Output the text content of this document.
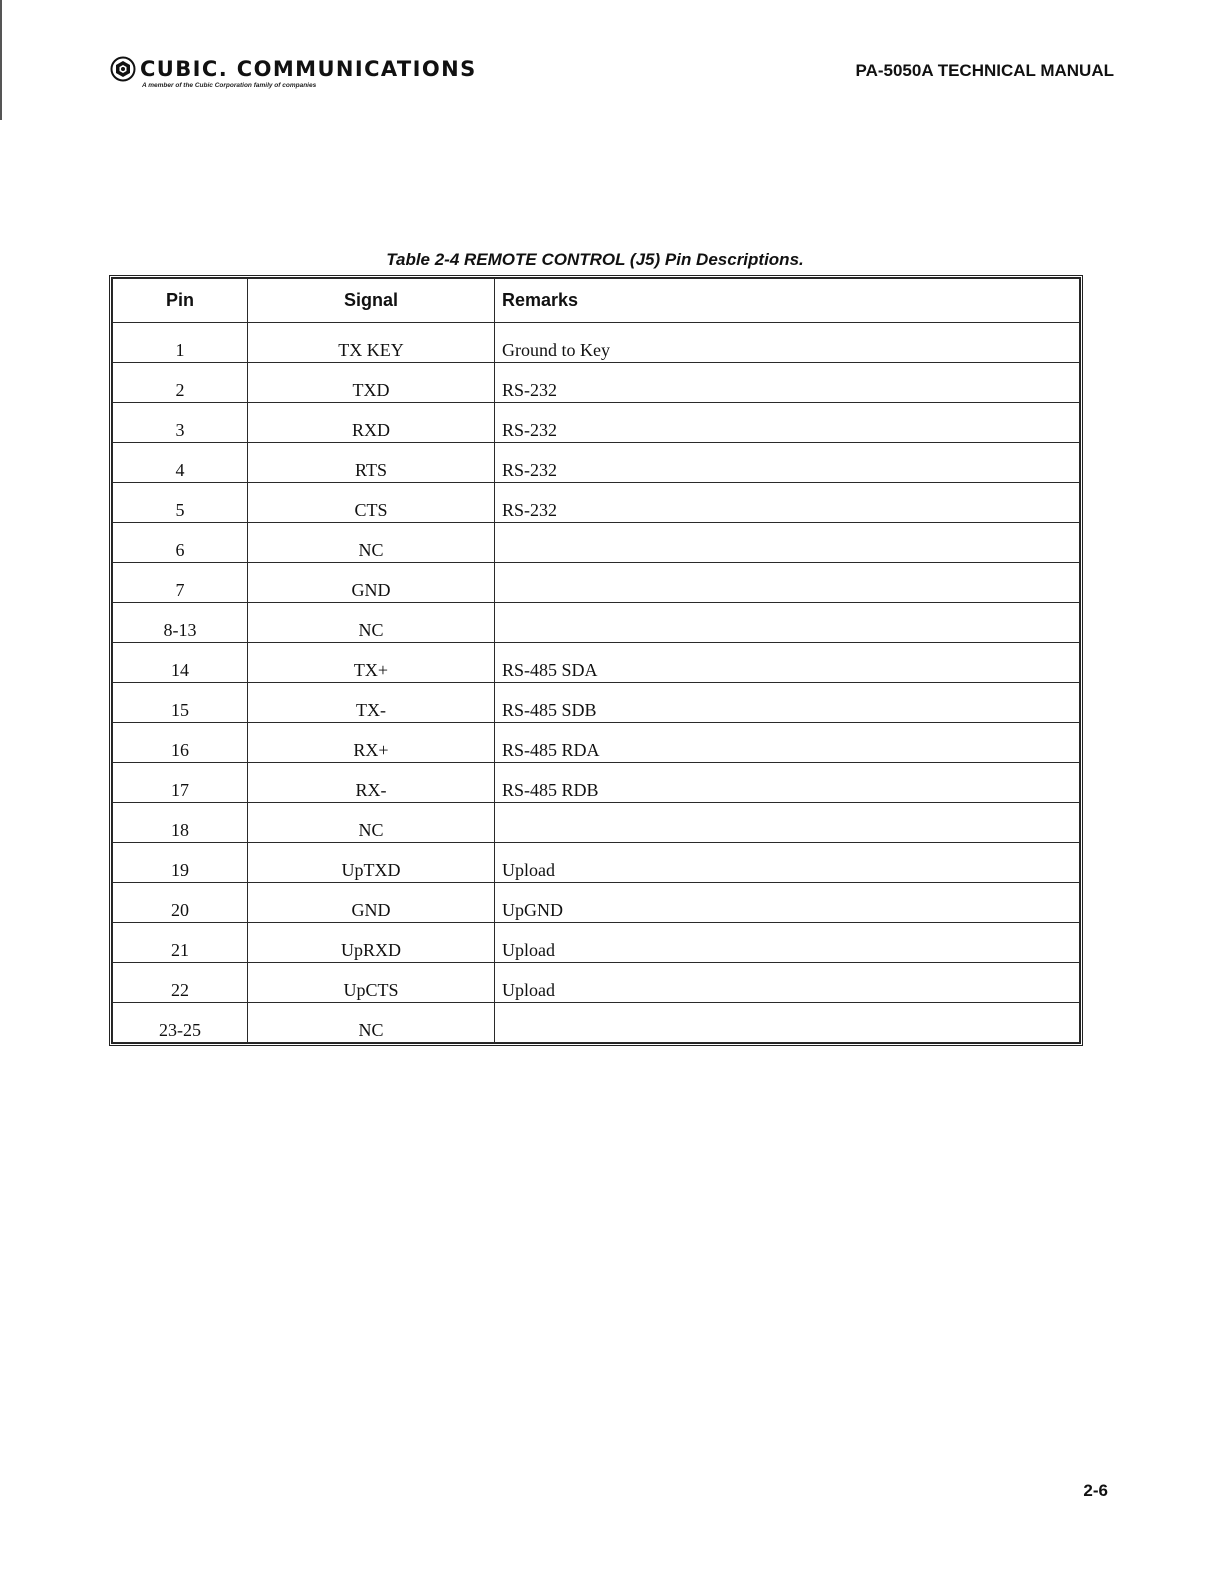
CUBIC. COMMUNICATIONS
A member of the Cubic Corporation family of companies
PA-5050A TECHNICAL MANUAL
Table 2-4 REMOTE CONTROL (J5) Pin Descriptions.
Pin	Signal	Remarks
1	TX KEY	Ground to Key
2	TXD	RS-232
3	RXD	RS-232
4	RTS	RS-232
5	CTS	RS-232
6	NC	
7	GND	
8-13	NC	
14	TX+	RS-485 SDA
15	TX-	RS-485 SDB
16	RX+	RS-485 RDA
17	RX-	RS-485 RDB
18	NC	
19	UpTXD	Upload
20	GND	UpGND
21	UpRXD	Upload
22	UpCTS	Upload
23-25	NC	
2-6
